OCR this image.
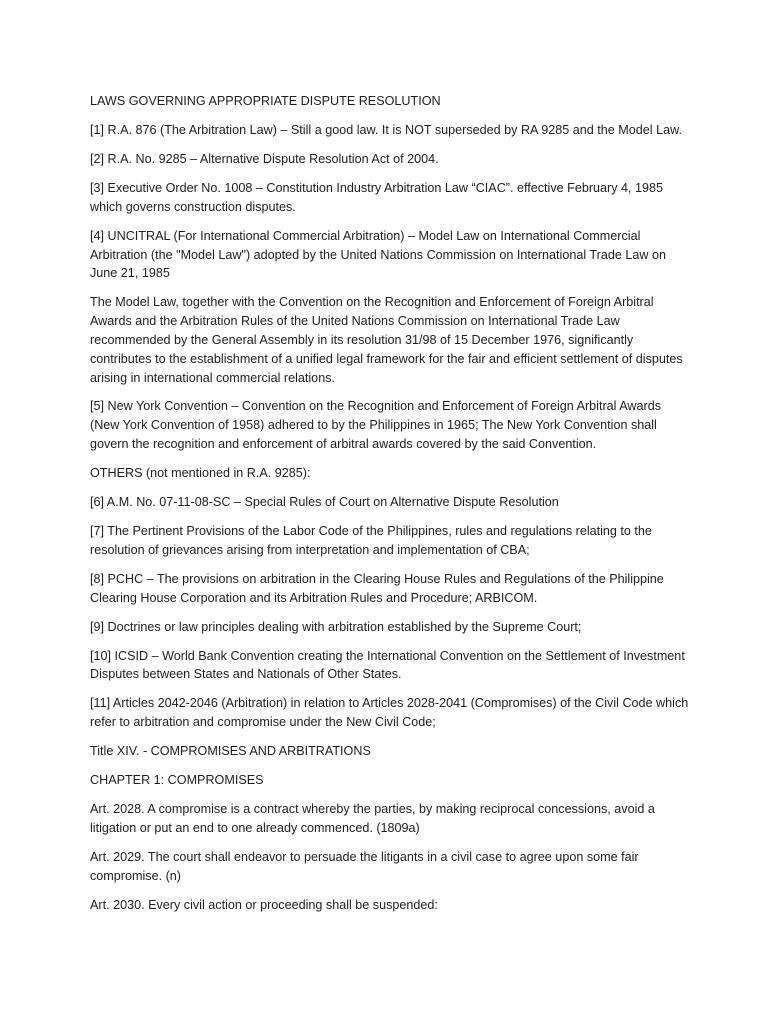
LAWS GOVERNING APPROPRIATE DISPUTE RESOLUTION

[1] R.A. 876 (The Arbitration Law) – Still a good law. It is NOT superseded by RA 9285 and the Model Law.

[2] R.A. No. 9285 – Alternative Dispute Resolution Act of 2004.

[3] Executive Order No. 1008 – Constitution Industry Arbitration Law “CIAC”. effective February 4, 1985 which governs construction disputes.

[4] UNCITRAL (For International Commercial Arbitration) – Model Law on International Commercial Arbitration (the "Model Law") adopted by the United Nations Commission on International Trade Law on June 21, 1985

The Model Law, together with the Convention on the Recognition and Enforcement of Foreign Arbitral Awards and the Arbitration Rules of the United Nations Commission on International Trade Law recommended by the General Assembly in its resolution 31/98 of 15 December 1976, significantly contributes to the establishment of a unified legal framework for the fair and efficient settlement of disputes arising in international commercial relations.

[5] New York Convention – Convention on the Recognition and Enforcement of Foreign Arbitral Awards (New York Convention of 1958) adhered to by the Philippines in 1965; The New York Convention shall govern the recognition and enforcement of arbitral awards covered by the said Convention.

OTHERS (not mentioned in R.A. 9285):

[6] A.M. No. 07-11-08-SC – Special Rules of Court on Alternative Dispute Resolution

[7] The Pertinent Provisions of the Labor Code of the Philippines, rules and regulations relating to the resolution of grievances arising from interpretation and implementation of CBA;

[8] PCHC – The provisions on arbitration in the Clearing House Rules and Regulations of the Philippine Clearing House Corporation and its Arbitration Rules and Procedure; ARBICOM.

[9] Doctrines or law principles dealing with arbitration established by the Supreme Court;

[10] ICSID – World Bank Convention creating the International Convention on the Settlement of Investment Disputes between States and Nationals of Other States.

[11] Articles 2042-2046 (Arbitration) in relation to Articles 2028-2041 (Compromises) of the Civil Code which refer to arbitration and compromise under the New Civil Code;

Title XIV. - COMPROMISES AND ARBITRATIONS

CHAPTER 1: COMPROMISES

Art. 2028. A compromise is a contract whereby the parties, by making reciprocal concessions, avoid a litigation or put an end to one already commenced. (1809a)

Art. 2029. The court shall endeavor to persuade the litigants in a civil case to agree upon some fair compromise. (n)

Art. 2030. Every civil action or proceeding shall be suspended:
